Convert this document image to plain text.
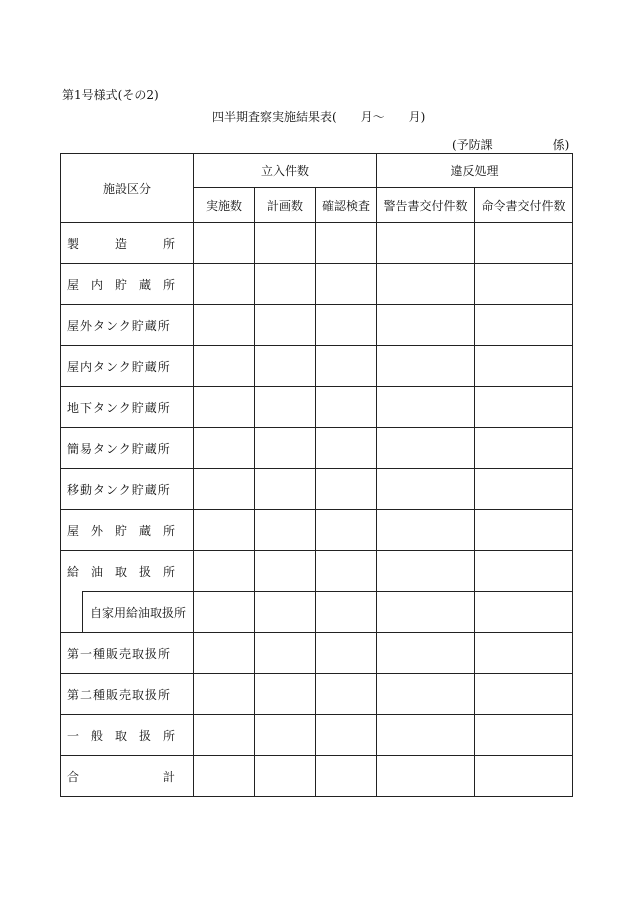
第1号様式(その2)
四半期査察実施結果表(　　月～　　月)
(予防課　　　　　係)
施設区分		立入件数			違反処理	
		実施数	計画数	確認検査	警告書交付件数	命令書交付件数

製　　　造　　　所						

屋　内　貯　蔵　所						

屋外タンク貯蔵所						

屋内タンク貯蔵所						

地下タンク貯蔵所						

簡易タンク貯蔵所						

移動タンク貯蔵所						

屋　外　貯　蔵　所						

給　油　取　扱　所						

	自家用給油取扱所					

第一種販売取扱所						

第二種販売取扱所						

一　般　取　扱　所						

合　　　　　　　計						
